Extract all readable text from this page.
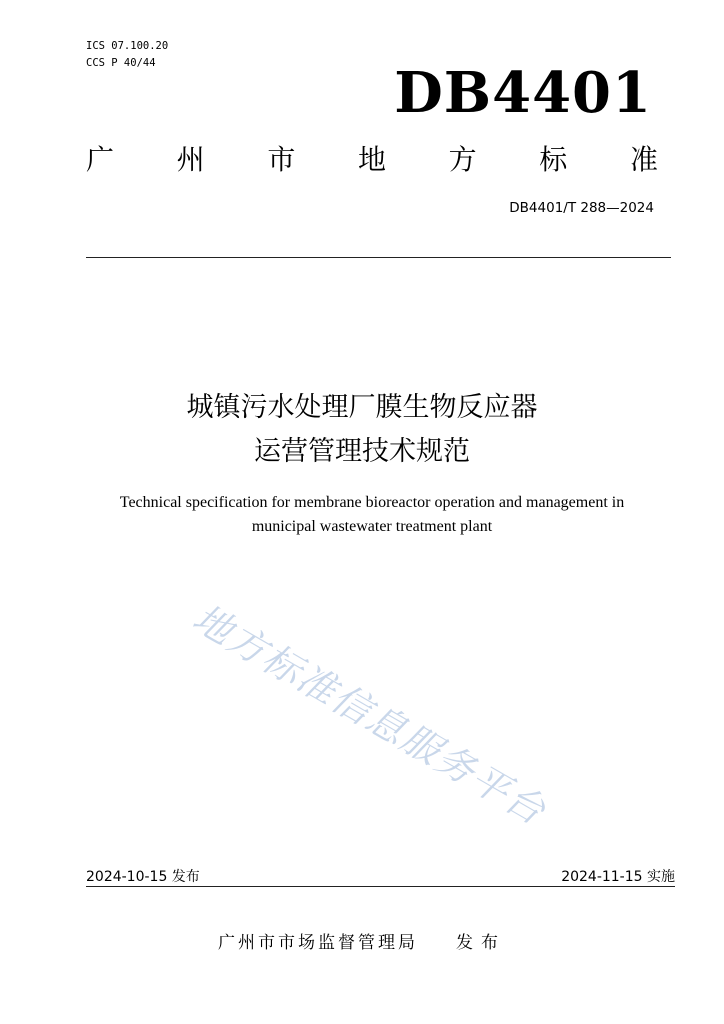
ICS 07.100.20
CCS P 40/44	DB4401
广 州 市 地 方 标 准
DB4401/T 288—2024
城镇污水处理厂膜生物反应器
运营管理技术规范
Technical specification for membrane bioreactor operation and management in
municipal wastewater treatment plant
地方标准信息服务平台
2024-10-15 发布	2024-11-15 实施
广州市市场监督管理局 发布
